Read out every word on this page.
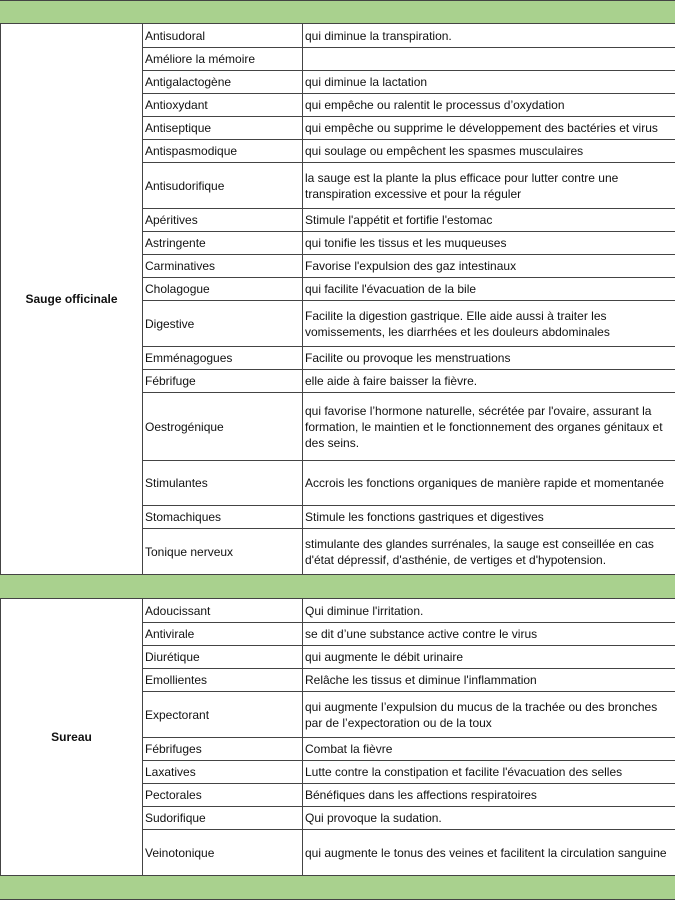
Sauge officinale	Antisudoral	qui diminue la transpiration.
	Améliore la mémoire	
	Antigalactogène	qui diminue la lactation
	Antioxydant	qui empêche ou ralentit le processus d’oxydation
	Antiseptique	qui empêche ou supprime le développement des bactéries et virus
	Antispasmodique	qui soulage ou empêchent les spasmes musculaires
	Antisudorifique	la sauge est la plante la plus efficace pour lutter contre une transpiration excessive et pour la réguler
	Apéritives	Stimule l'appétit et fortifie l'estomac
	Astringente	qui tonifie les tissus et les muqueuses
	Carminatives	Favorise l'expulsion des gaz intestinaux
	Cholagogue	qui facilite l'évacuation de la bile
	Digestive	Facilite la digestion gastrique. Elle aide aussi à traiter les vomissements, les diarrhées et les douleurs abdominales
	Emménagogues	Facilite ou provoque les menstruations
	Fébrifuge	elle aide à faire baisser la fièvre.
	Oestrogénique	qui favorise l’hormone naturelle, sécrétée par l'ovaire, assurant la formation, le maintien et le fonctionnement des organes génitaux et des seins.
	Stimulantes	Accrois les fonctions organiques de manière rapide et momentanée
	Stomachiques	Stimule les fonctions gastriques et digestives
	Tonique nerveux	stimulante des glandes surrénales, la sauge est conseillée en cas d'état dépressif, d'asthénie, de vertiges et d'hypotension.
Sureau	Adoucissant	Qui diminue l'irritation.
	Antivirale	se dit d’une substance active contre le virus
	Diurétique	qui augmente le débit urinaire
	Emollientes	Relâche les tissus et diminue l'inflammation
	Expectorant	qui augmente l’expulsion du mucus de la trachée ou des bronches par de l’expectoration ou de la toux
	Fébrifuges	Combat la fièvre
	Laxatives	Lutte contre la constipation et facilite l'évacuation des selles
	Pectorales	Bénéfiques dans les affections respiratoires
	Sudorifique	Qui provoque la sudation.
	Veinotonique	qui augmente le tonus des veines et facilitent la circulation sanguine
